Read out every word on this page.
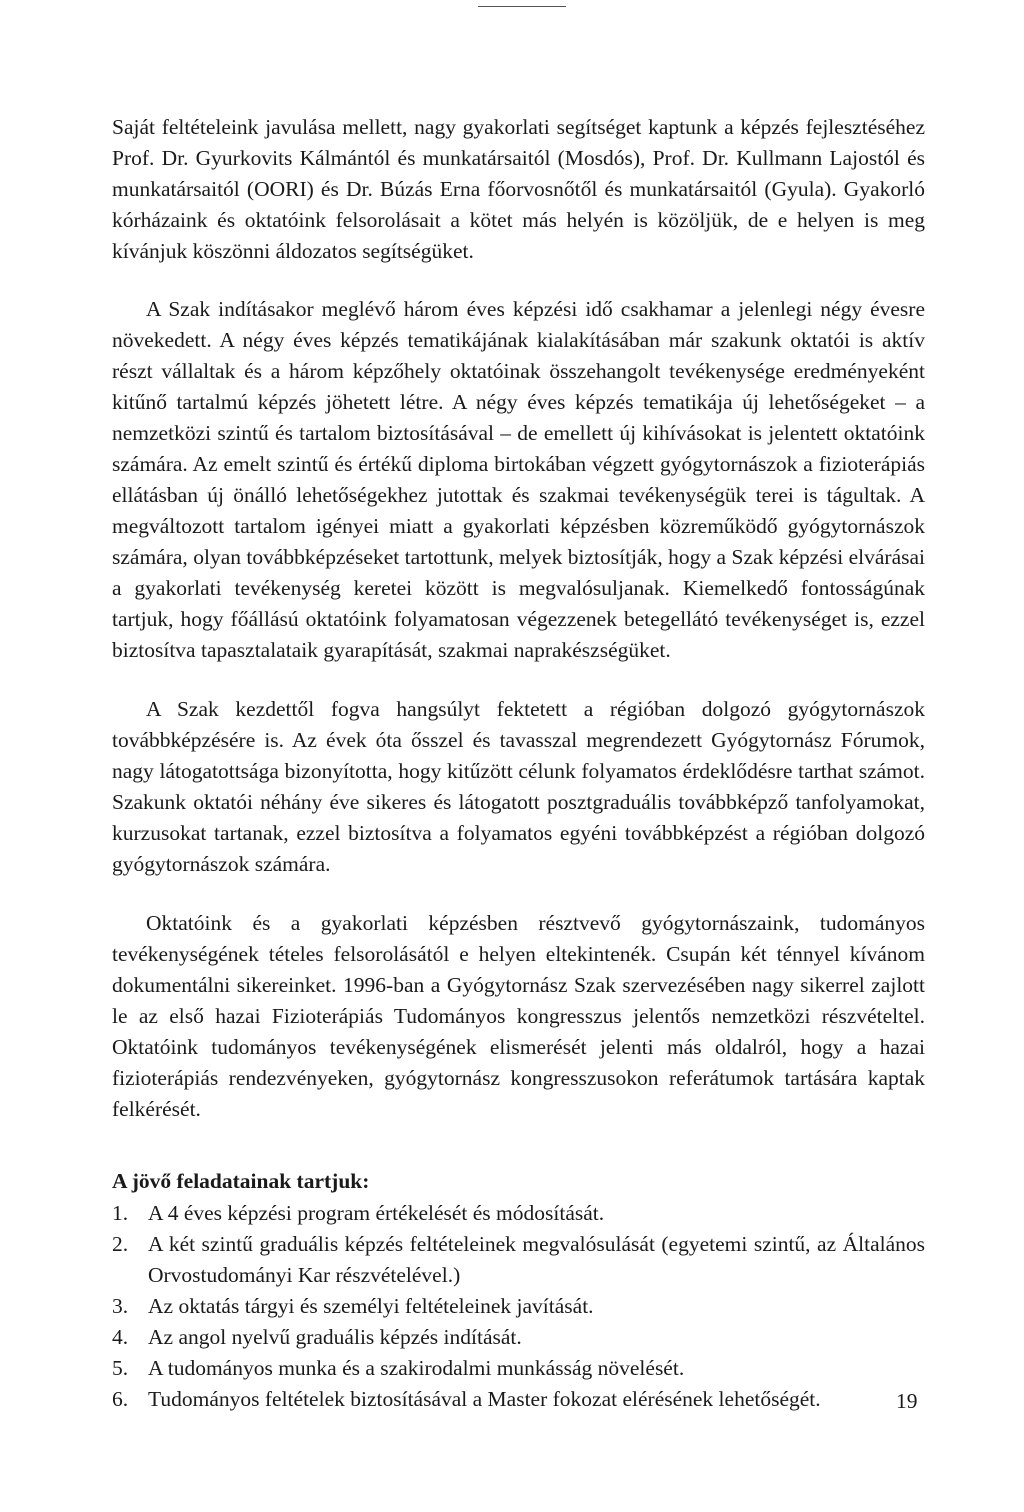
Saját feltételeink javulása mellett, nagy gyakorlati segítséget kaptunk a képzés fejlesztéséhez Prof. Dr. Gyurkovits Kálmántól és munkatársaitól (Mosdós), Prof. Dr. Kullmann Lajostól és munkatársaitól (OORI) és Dr. Búzás Erna főorvosnőtől és munkatársaitól (Gyula). Gyakorló kórházaink és oktatóink felsorolásait a kötet más helyén is közöljük, de e helyen is meg kívánjuk köszönni áldozatos segítségüket.

A Szak indításakor meglévő három éves képzési idő csakhamar a jelenlegi négy évesre növekedett. A négy éves képzés tematikájának kialakításában már szakunk oktatói is aktív részt vállaltak és a három képzőhely oktatóinak összehangolt tevékenysége eredményeként kitűnő tartalmú képzés jöhetett létre. A négy éves képzés tematikája új lehetőségeket – a nemzetközi szintű és tartalom biztosításával – de emellett új kihívásokat is jelentett oktatóink számára. Az emelt szintű és értékű diploma birtokában végzett gyógytornászok a fizioterápiás ellátásban új önálló lehetőségekhez jutottak és szakmai tevékenységük terei is tágultak. A megváltozott tartalom igényei miatt a gyakorlati képzésben közreműködő gyógytornászok számára, olyan továbbképzéseket tartottunk, melyek biztosítják, hogy a Szak képzési elvárásai a gyakorlati tevékenység keretei között is megvalósuljanak. Kiemelkedő fontosságúnak tartjuk, hogy főállású oktatóink folyamatosan végezzenek betegellátó tevékenységet is, ezzel biztosítva tapasztalataik gyarapítását, szakmai naprakészségüket.

A Szak kezdettől fogva hangsúlyt fektetett a régióban dolgozó gyógytornászok továbbképzésére is. Az évek óta ősszel és tavasszal megrendezett Gyógytornász Fórumok, nagy látogatottsága bizonyította, hogy kitűzött célunk folyamatos érdeklődésre tarthat számot. Szakunk oktatói néhány éve sikeres és látogatott posztgraduális továbbképző tanfolyamokat, kurzusokat tartanak, ezzel biztosítva a folyamatos egyéni továbbképzést a régióban dolgozó gyógytornászok számára.

Oktatóink és a gyakorlati képzésben résztvevő gyógytornászaink, tudományos tevékenységének tételes felsorolásától e helyen eltekintenék. Csupán két ténnyel kívánom dokumentálni sikereinket. 1996-ban a Gyógytornász Szak szervezésében nagy sikerrel zajlott le az első hazai Fizioterápiás Tudományos kongresszus jelentős nemzetközi részvételtel. Oktatóink tudományos tevékenységének elismerését jelenti más oldalról, hogy a hazai fizioterápiás rendezvényeken, gyógytornász kongresszusokon referátumok tartására kaptak felkérését.

A jövő feladatainak tartjuk:
1. A 4 éves képzési program értékelését és módosítását.
2. A két szintű graduális képzés feltételeinek megvalósulását (egyetemi szintű, az Általános Orvostudományi Kar részvételével.)
3. Az oktatás tárgyi és személyi feltételeinek javítását.
4. Az angol nyelvű graduális képzés indítását.
5. A tudományos munka és a szakirodalmi munkásság növelését.
6. Tudományos feltételek biztosításával a Master fokozat elérésének lehetőségét.	19
